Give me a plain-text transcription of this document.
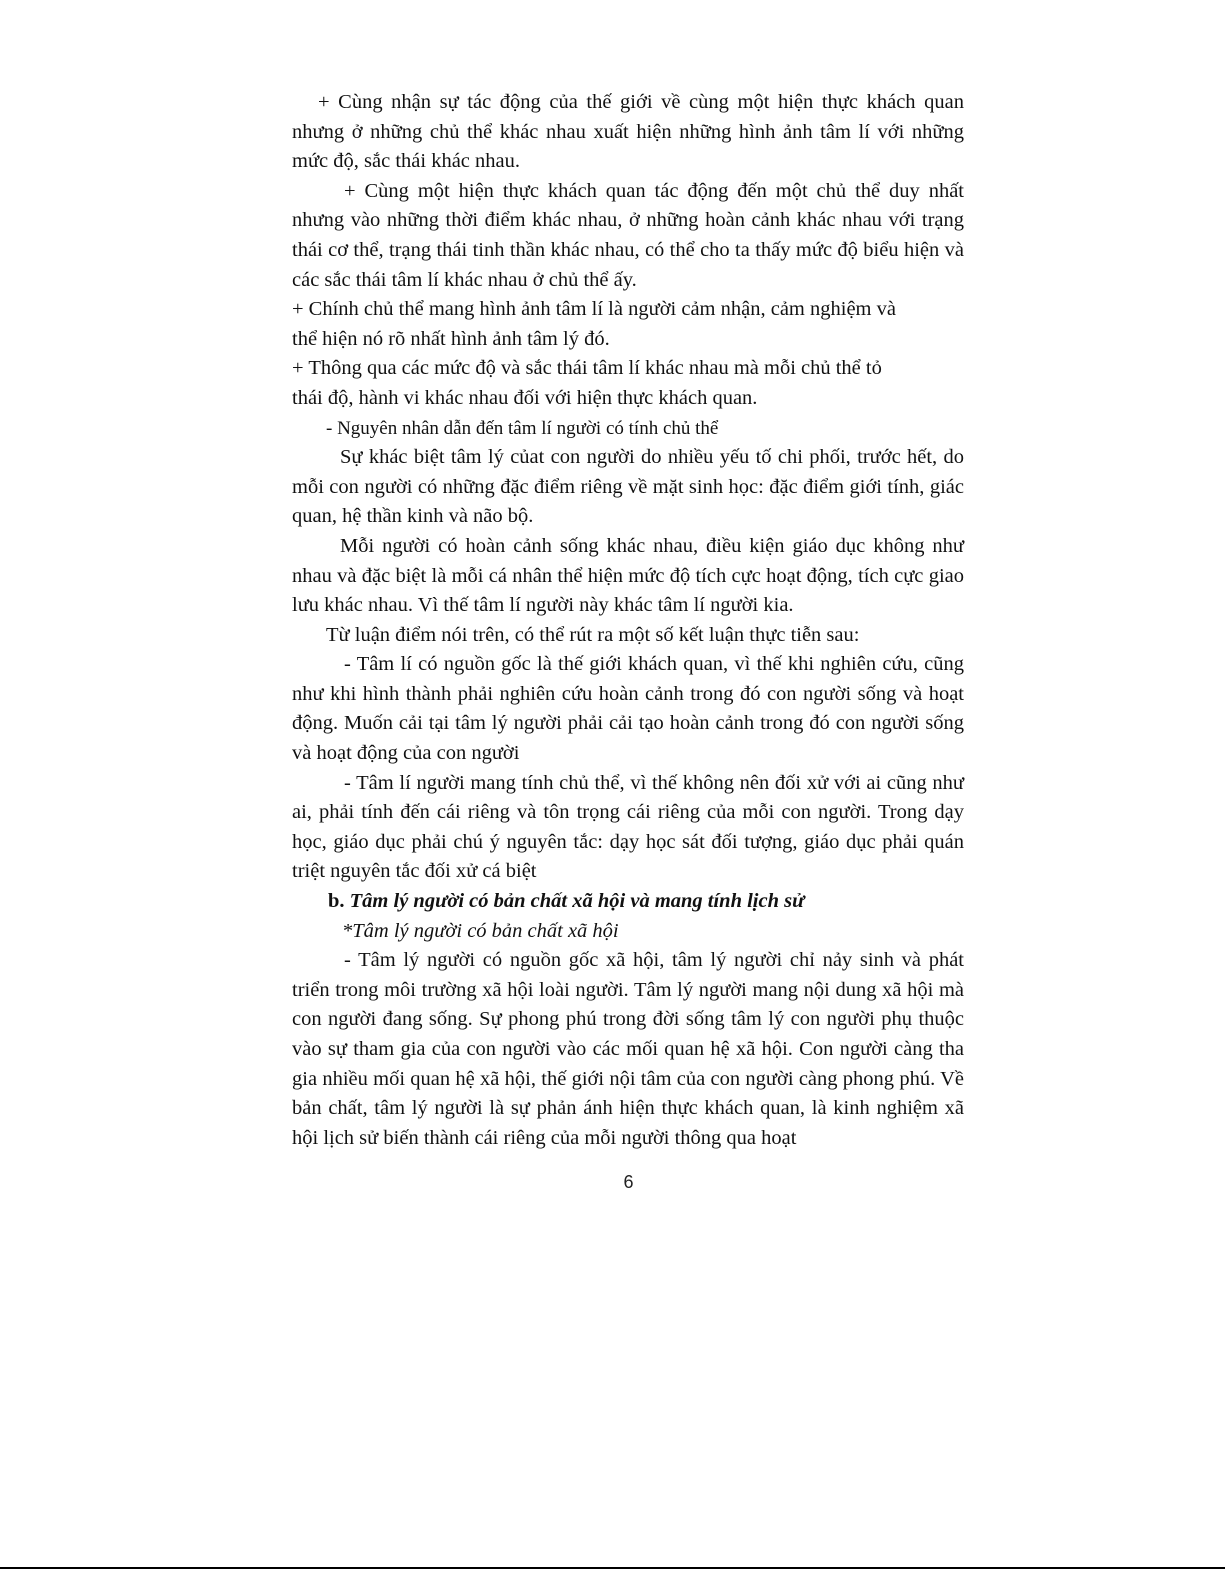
+ Cùng nhận sự tác động của thế giới về cùng một hiện thực khách quan nhưng ở những chủ thể khác nhau xuất hiện những hình ảnh tâm lí với những mức độ, sắc thái khác nhau.

+ Cùng một hiện thực khách quan tác động đến một chủ thể duy nhất nhưng vào những thời điểm khác nhau, ở những hoàn cảnh khác nhau với trạng thái cơ thể, trạng thái tinh thần khác nhau, có thể cho ta thấy mức độ biểu hiện và các sắc thái tâm lí khác nhau ở chủ thể ấy.

+ Chính chủ thể mang hình ảnh tâm lí là người cảm nhận, cảm nghiệm và thể hiện nó rõ nhất hình ảnh tâm lý đó.

+ Thông qua các mức độ và sắc thái tâm lí khác nhau mà mỗi chủ thể tỏ thái độ, hành vi khác nhau đối với hiện thực khách quan.

- Nguyên nhân dẫn đến tâm lí người có tính chủ thể

Sự khác biệt tâm lý củat con người do nhiều yếu tố chi phối, trước hết, do mỗi con người có những đặc điểm riêng về mặt sinh học: đặc điểm giới tính, giác quan, hệ thần kinh và não bộ.

Mỗi người có hoàn cảnh sống khác nhau, điều kiện giáo dục không như nhau và đặc biệt là mỗi cá nhân thể hiện mức độ tích cực hoạt động, tích cực giao lưu khác nhau. Vì thế tâm lí người này khác tâm lí người kia.

Từ luận điểm nói trên, có thể rút ra một số kết luận thực tiễn sau:

- Tâm lí có nguồn gốc là thế giới khách quan, vì thế khi nghiên cứu, cũng như khi hình thành phải nghiên cứu hoàn cảnh trong đó con người sống và hoạt động. Muốn cải tại tâm lý người phải cải tạo hoàn cảnh trong đó con người sống và hoạt động của con người

- Tâm lí người mang tính chủ thể, vì thế không nên đối xử với ai cũng như ai, phải tính đến cái riêng và tôn trọng cái riêng của mỗi con người. Trong dạy học, giáo dục phải chú ý nguyên tắc: dạy học sát đối tượng, giáo dục phải quán triệt nguyên tắc đối xử cá biệt

b. Tâm lý người có bản chất xã hội và mang tính lịch sử

*Tâm lý người có bản chất xã hội

- Tâm lý người có nguồn gốc xã hội, tâm lý người chỉ nảy sinh và phát triển trong môi trường xã hội loài người. Tâm lý người mang nội dung xã hội mà con người đang sống. Sự phong phú trong đời sống tâm lý con người phụ thuộc vào sự tham gia của con người vào các mối quan hệ xã hội. Con người càng tha gia nhiều mối quan hệ xã hội, thế giới nội tâm của con người càng phong phú. Về bản chất, tâm lý người là sự phản ánh hiện thực khách quan, là kinh nghiệm xã hội lịch sử biến thành cái riêng của mỗi người thông qua hoạt

6
